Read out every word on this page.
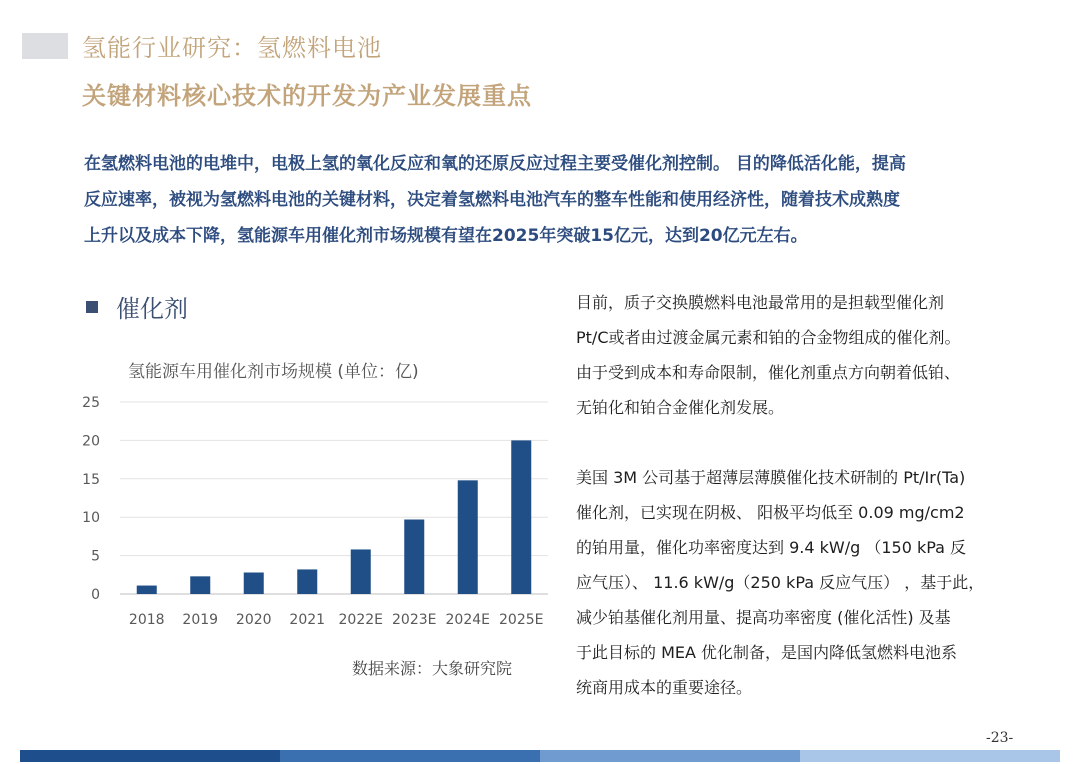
氢能行业研究：氢燃料电池
关键材料核心技术的开发为产业发展重点
在氢燃料电池的电堆中，电极上氢的氧化反应和氧的还原反应过程主要受催化剂控制。 目的降低活化能，提高
反应速率，被视为氢燃料电池的关键材料，决定着氢燃料电池汽车的整车性能和使用经济性，随着技术成熟度
上升以及成本下降，氢能源车用催化剂市场规模有望在2025年突破15亿元，达到20亿元左右。
催化剂
氢能源车用催化剂市场规模 (单位：亿)
0
5
10
15
20
25
2018 2019 2020 2021 2022E 2023E 2024E 2025E
数据来源：大象研究院
目前，质子交换膜燃料电池最常用的是担载型催化剂
Pt/C或者由过渡金属元素和铂的合金物组成的催化剂。
由于受到成本和寿命限制，催化剂重点方向朝着低铂、
无铂化和铂合金催化剂发展。
美国 3M 公司基于超薄层薄膜催化技术研制的 Pt/Ir(Ta)
催化剂，已实现在阴极、 阳极平均低至 0.09 mg/cm2
的铂用量，催化功率密度达到 9.4 kW/g （150 kPa 反
应气压）、 11.6 kW/g（250 kPa 反应气压） ，基于此，
减少铂基催化剂用量、提高功率密度 (催化活性) 及基
于此目标的 MEA 优化制备，是国内降低氢燃料电池系
统商用成本的重要途径。
-23-
